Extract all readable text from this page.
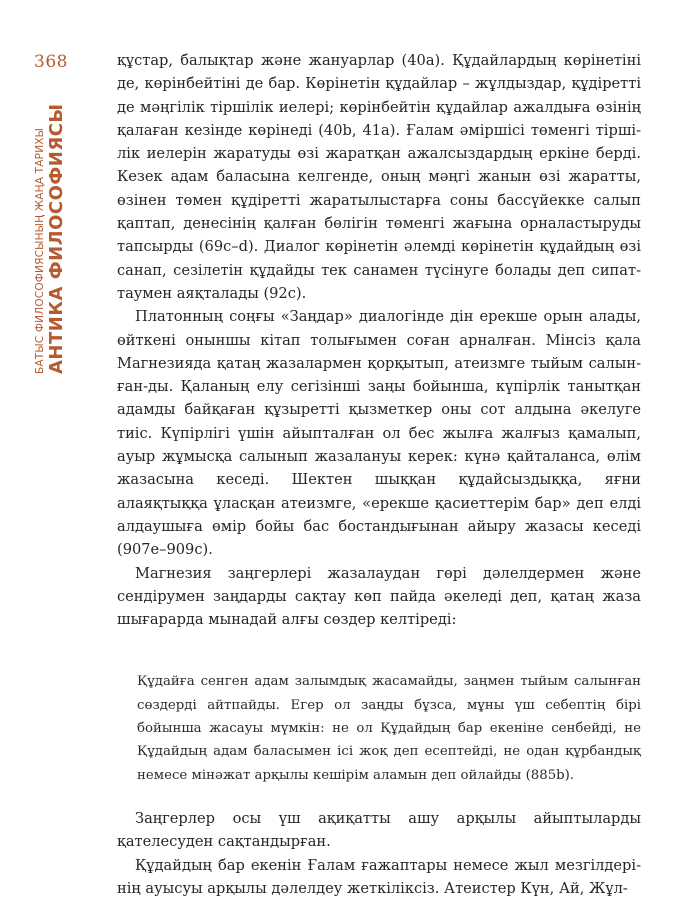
368
БАТЫС ФИЛОСОФИЯСЫНЫҢ ЖАҢА ТАРИХЫ АНТИКА ФИЛОСОФИЯСЫ

құстар, балықтар және жануарлар (40а). Құдайлардың көрінетіні де, көрінбейтіні де бар. Көрінетін құдайлар – жұлдыздар, құдіретті де мәңгілік тіршілік иелері; көрінбейтін құдайлар ажалдыға өзінің қалаған кезінде көрінеді (40b, 41а). Ғалам әміршісі төменгі тіршілік иелерін жаратуды өзі жаратқан ажалсыздардың еркіне берді. Кезек адам баласына келгенде, оның мәңгі жанын өзі жаратты, өзінен төмен құдіретті жаратылыстарға соны бассүйекке салып қаптап, денесінің қалған бөлігін төменгі жағына орналастыруды тапсырды (69с–d). Диалог көрінетін әлемді көрінетін құдайдың өзі санап, сезілетін құдайды тек санамен түсінуге болады деп сипаттаумен аяқталады (92с).

Платонның соңғы «Заңдар» диалогінде дін ерекше орын алады, өйткені оныншы кітап толығымен соған арналған. Мінсіз қала Магнезияда қатаң жазалармен қорқытып, атеизмге тыйым салынған-ды. Қаланың елу сегізінші заңы бойынша, күпірлік танытқан адамды байқаған құзыретті қызметкер оны сот алдына әкелуге тиіс. Күпірлігі үшін айыпталған ол бес жылға жалғыз қамалып, ауыр жұмысқа салынып жазалануы керек: күнә қайталанса, өлім жазасына кеседі. Шектен шыққан құдайсыздыққа, яғни алаяқтыққа ұласқан атеизмге, «ерекше қасиеттерім бар» деп елді алдаушыға өмір бойы бас бостандығынан айыру жазасы кеседі (907е–909с).

Магнезия заңгерлері жазалаудан гөрі дәлелдермен және сендірумен заңдарды сақтау көп пайда әкеледі деп, қатаң жаза шығарарда мынадай алғы сөздер келтіреді:

Құдайға сенген адам залымдық жасамайды, заңмен тыйым салынған сөздерді айтпайды. Егер ол заңды бұзса, мұны үш себептің бірі бойынша жасауы мүмкін: не ол Құдайдың бар екеніне сенбейді, не Құдайдың адам баласымен ісі жоқ деп есептейді, не одан құрбандық немесе мінәжат арқылы кешірім аламын деп ойлайды (885b).

Заңгерлер осы үш ақиқатты ашу арқылы айыптыларды қателесуден сақтандырған.

Құдайдың бар екенін Ғалам ғажаптары немесе жыл мезгілдерінің ауысуы арқылы дәлелдеу жеткіліксіз. Атеистер Күн, Ай, Жұл-
